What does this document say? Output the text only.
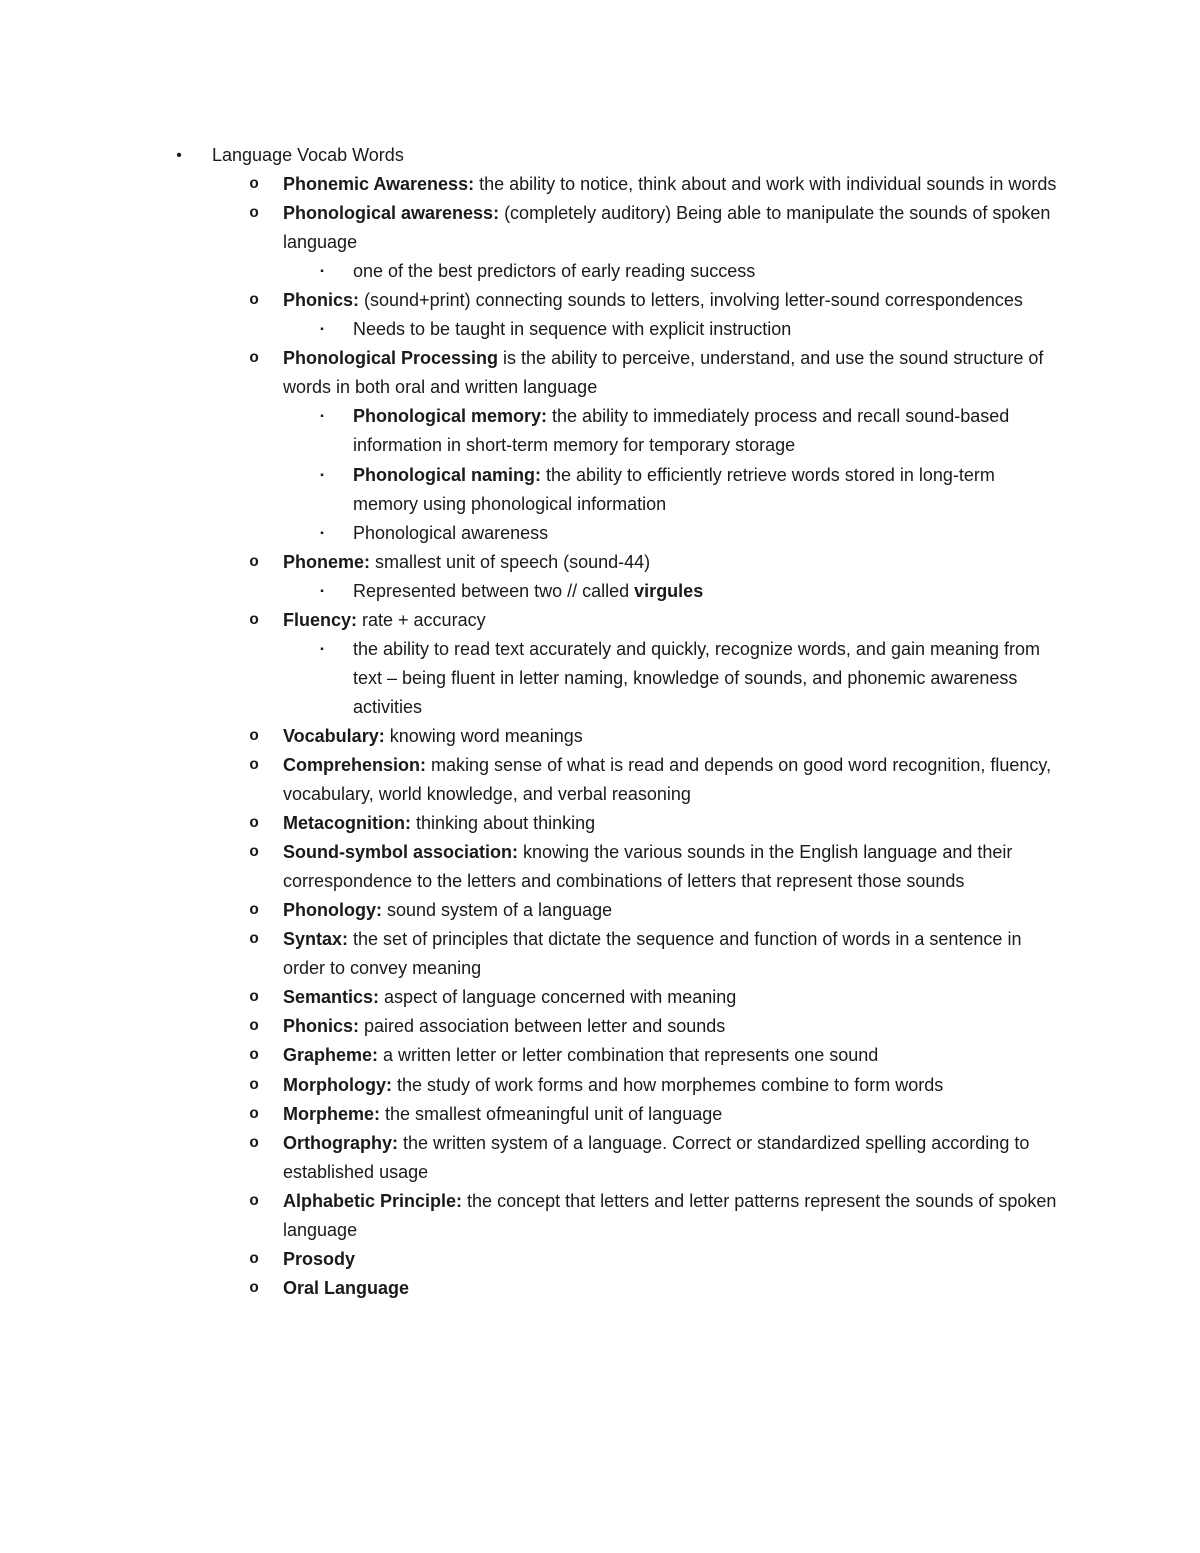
•	Language Vocab Words

o Phonemic Awareness: the ability to notice, think about and work with individual sounds in words

o Phonological awareness: (completely auditory) Being able to manipulate the sounds of spoken language

▪ one of the best predictors of early reading success

o Phonics: (sound+print) connecting sounds to letters, involving letter-sound correspondences

▪ Needs to be taught in sequence with explicit instruction

o Phonological Processing is the ability to perceive, understand, and use the sound structure of words in both oral and written language

▪ Phonological memory: the ability to immediately process and recall sound-based information in short-term memory for temporary storage

▪ Phonological naming: the ability to efficiently retrieve words stored in long-term memory using phonological information

▪ Phonological awareness

o Phoneme: smallest unit of speech (sound-44)

▪ Represented between two // called virgules

o Fluency: rate + accuracy

▪ the ability to read text accurately and quickly, recognize words, and gain meaning from text – being fluent in letter naming, knowledge of sounds, and phonemic awareness activities

o Vocabulary: knowing word meanings

o Comprehension: making sense of what is read and depends on good word recognition, fluency, vocabulary, world knowledge, and verbal reasoning

o Metacognition: thinking about thinking

o Sound-symbol association: knowing the various sounds in the English language and their correspondence to the letters and combinations of letters that represent those sounds

o Phonology: sound system of a language

o Syntax: the set of principles that dictate the sequence and function of words in a sentence in order to convey meaning

o Semantics: aspect of language concerned with meaning

o Phonics: paired association between letter and sounds

o Grapheme: a written letter or letter combination that represents one sound

o Morphology: the study of work forms and how morphemes combine to form words

o Morpheme: the smallest ofmeaningful unit of language

o Orthography: the written system of a language. Correct or standardized spelling according to established usage

o Alphabetic Principle: the concept that letters and letter patterns represent the sounds of spoken language

o Prosody

o Oral Language
